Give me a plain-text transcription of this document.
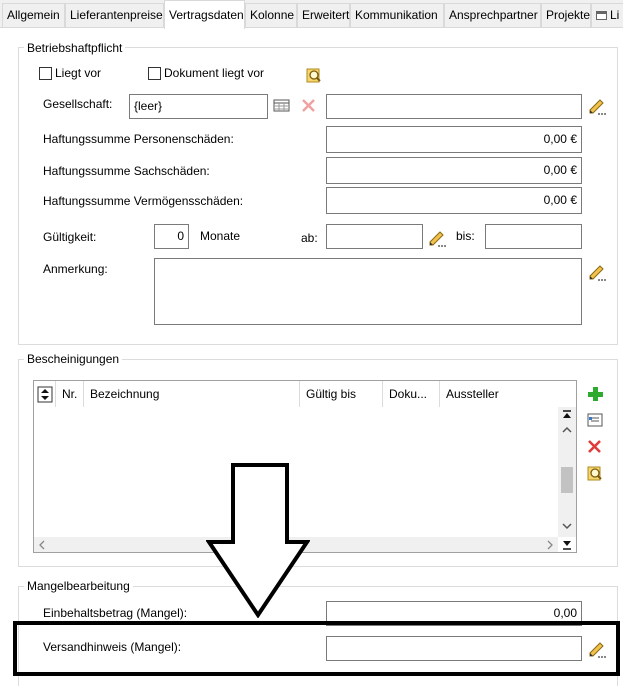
Allgemein Lieferantenpreise Vertragsdaten Kolonne Erweitert Kommunikation Ansprechpartner Projekte	Li
Betriebshaftpflicht
Liegt vor	Dokument liegt vor
Gesellschaft:	{leer}
Haftungssumme Personenschäden:	0,00 €
Haftungssumme Sachschäden:	0,00 €
Haftungssumme Vermögensschäden:	0,00 €
Gültigkeit:	0	Monate	ab:	bis:
Anmerkung:
Bescheinigungen
Nr.	Bezeichnung	Gültig bis	Doku...	Aussteller
Mangelbearbeitung
Einbehaltsbetrag (Mangel):	0,00
Versandhinweis (Mangel):
